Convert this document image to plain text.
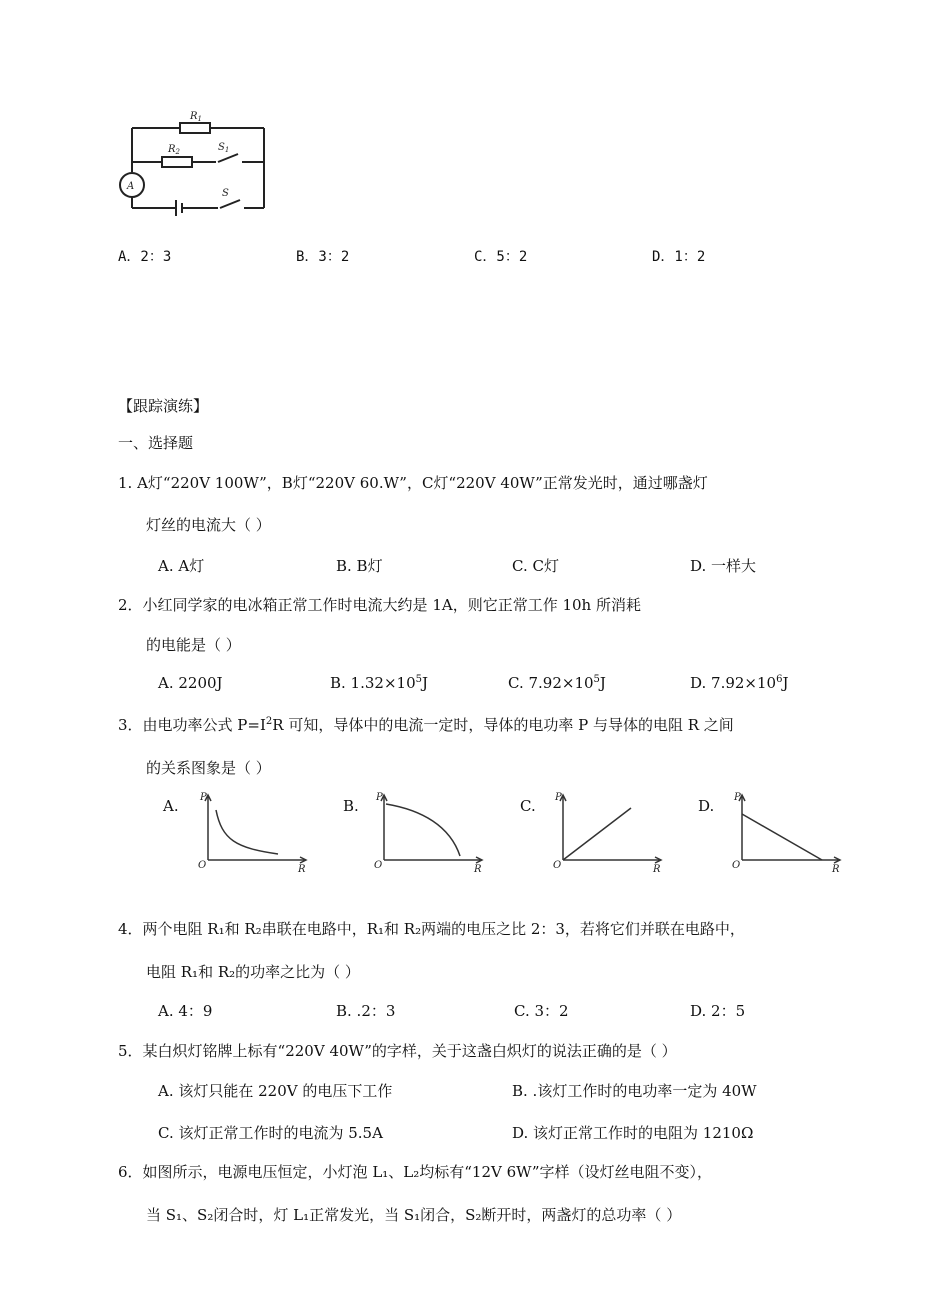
$R_1$
$R_2$	$S_1$
S
A
A．2：3	B．3：2	C．5：2	D．1：2
【跟踪演练】
一、选择题
1. A灯“220V 100W”，B灯“220V 60.W”，C灯“220V 40W”正常发光时，通过哪盏灯
灯丝的电流大（ ）
A. A灯	B. B灯	C. C灯	D. 一样大
2．小红同学家的电冰箱正常工作时电流大约是 1A，则它正常工作 10h 所消耗
的电能是（ ）
A. 2200J	B. $1.32\times 10^5J$	C. $7.92\times 10^5J$	D. $7.92\times 10^6J$
3．由电功率公式 $P=I^2R$ 可知，导体中的电流一定时，导体的电功率 P 与导体的电阻 R 之间
的关系图象是（ ）
A.	B.	C.	D.
P
O	R
P
O	R
P
O	R
P
O	R
4．两个电阻 R₁和 R₂串联在电路中，R₁和 R₂两端的电压之比 2：3，若将它们并联在电路中，
电阻 R₁和 R₂的功率之比为（ ）
A. 4：9	B. .2：3	C. 3：2	D. 2：5
5．某白炽灯铭牌上标有“220V 40W”的字样，关于这盏白炽灯的说法正确的是（ ）
A. 该灯只能在 220V 的电压下工作	B. .该灯工作时的电功率一定为 40W
C. 该灯正常工作时的电流为 5.5A	D. 该灯正常工作时的电阻为 1210Ω
6．如图所示，电源电压恒定，小灯泡 L₁、L₂均标有“12V 6W”字样（设灯丝电阻不变），
当 S₁、S₂闭合时，灯 L₁正常发光，当 S₁闭合，S₂断开时，两盏灯的总功率（ ）
